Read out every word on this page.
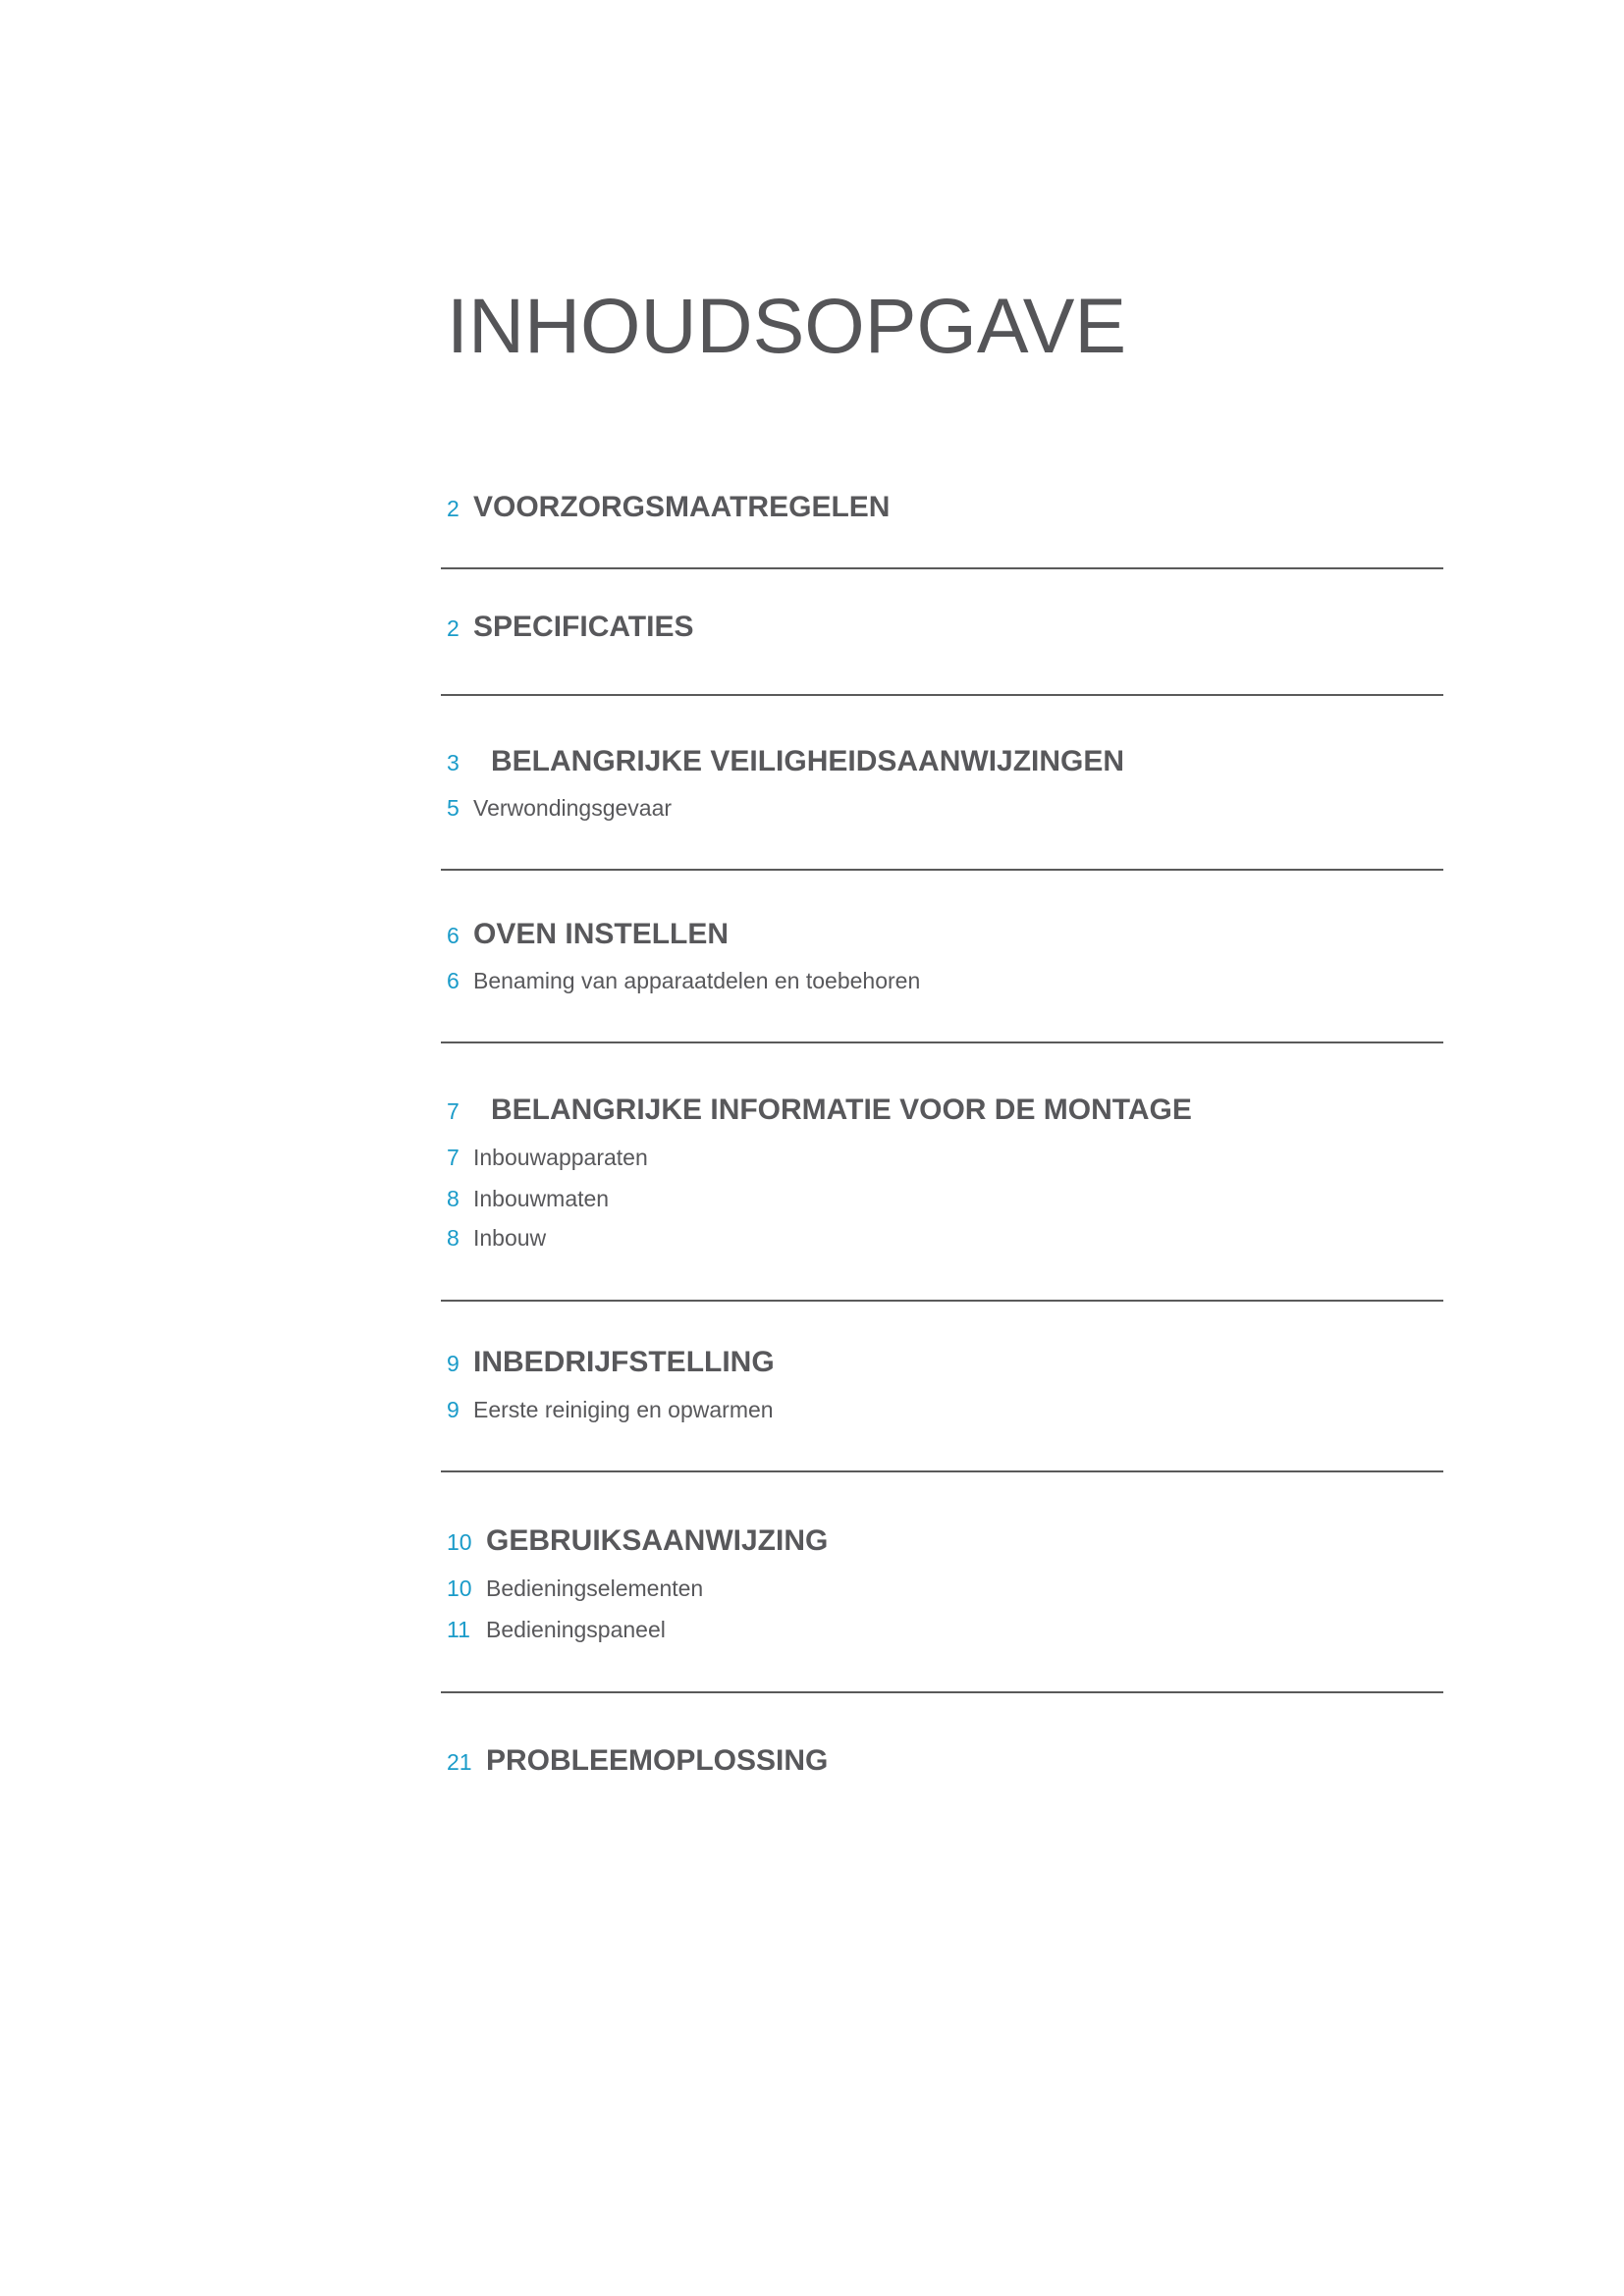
INHOUDSOPGAVE
2 VOORZORGSMAATREGELEN
2 SPECIFICATIES
3 BELANGRIJKE VEILIGHEIDSAANWIJZINGEN
5 Verwondingsgevaar
6 OVEN INSTELLEN
6 Benaming van apparaatdelen en toebehoren
7 BELANGRIJKE INFORMATIE VOOR DE MONTAGE
7 Inbouwapparaten
8 Inbouwmaten
8 Inbouw
9 INBEDRIJFSTELLING
9 Eerste reiniging en opwarmen
10 GEBRUIKSAANWIJZING
10 Bedieningselementen
11 Bedieningspaneel
21 PROBLEEMOPLOSSING
